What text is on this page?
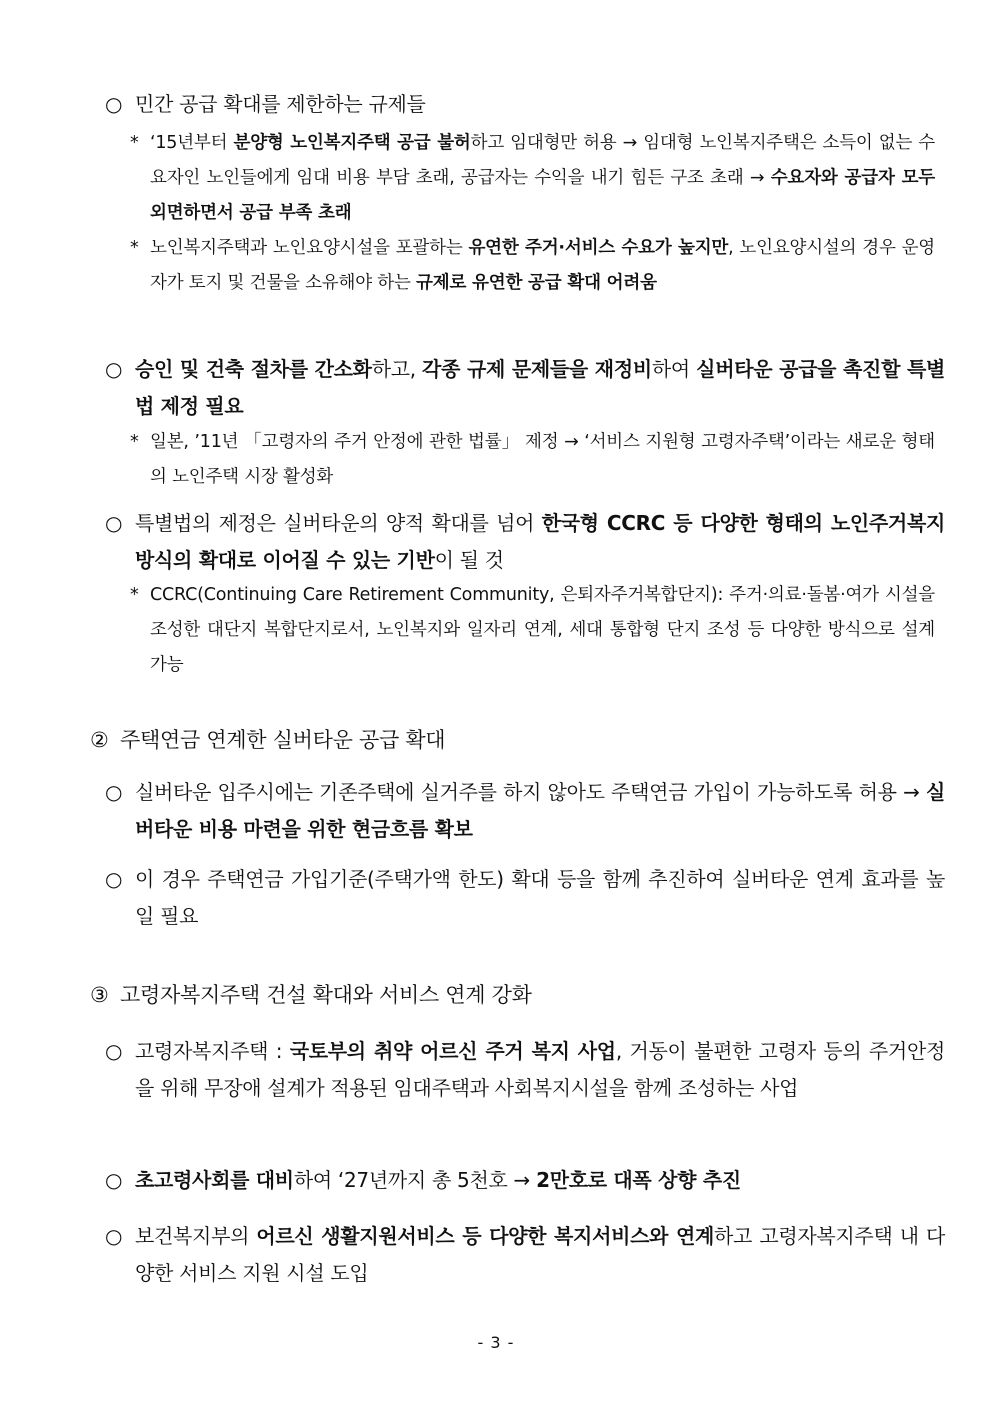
○ 민간 공급 확대를 제한하는 규제들

* ‘15년부터 분양형 노인복지주택 공급 불허하고 임대형만 허용 → 임대형 노인복지주택은 소득이 없는 수요자인 노인들에게 임대 비용 부담 초래, 공급자는 수익을 내기 힘든 구조 초래 → 수요자와 공급자 모두 외면하면서 공급 부족 초래

* 노인복지주택과 노인요양시설을 포괄하는 유연한 주거·서비스 수요가 높지만, 노인요양시설의 경우 운영자가 토지 및 건물을 소유해야 하는 규제로 유연한 공급 확대 어려움

○ 승인 및 건축 절차를 간소화하고, 각종 규제 문제들을 재정비하여 실버타운 공급을 촉진할 특별법 제정 필요

* 일본, ’11년 「고령자의 주거 안정에 관한 법률」 제정 → ‘서비스 지원형 고령자주택’이라는 새로운 형태의 노인주택 시장 활성화

○ 특별법의 제정은 실버타운의 양적 확대를 넘어 한국형 CCRC 등 다양한 형태의 노인주거복지 방식의 확대로 이어질 수 있는 기반이 될 것

* CCRC(Continuing Care Retirement Community, 은퇴자주거복합단지): 주거·의료·돌봄·여가 시설을 조성한 대단지 복합단지로서, 노인복지와 일자리 연계, 세대 통합형 단지 조성 등 다양한 방식으로 설계 가능

② 주택연금 연계한 실버타운 공급 확대

○ 실버타운 입주시에는 기존주택에 실거주를 하지 않아도 주택연금 가입이 가능하도록 허용 → 실버타운 비용 마련을 위한 현금흐름 확보

○ 이 경우 주택연금 가입기준(주택가액 한도) 확대 등을 함께 추진하여 실버타운 연계 효과를 높일 필요

③ 고령자복지주택 건설 확대와 서비스 연계 강화

○ 고령자복지주택 : 국토부의 취약 어르신 주거 복지 사업, 거동이 불편한 고령자 등의 주거안정을 위해 무장애 설계가 적용된 임대주택과 사회복지시설을 함께 조성하는 사업

○ 초고령사회를 대비하여 ‘27년까지 총 5천호 → 2만호로 대폭 상향 추진

○ 보건복지부의 어르신 생활지원서비스 등 다양한 복지서비스와 연계하고 고령자복지주택 내 다양한 서비스 지원 시설 도입

- 3 -
